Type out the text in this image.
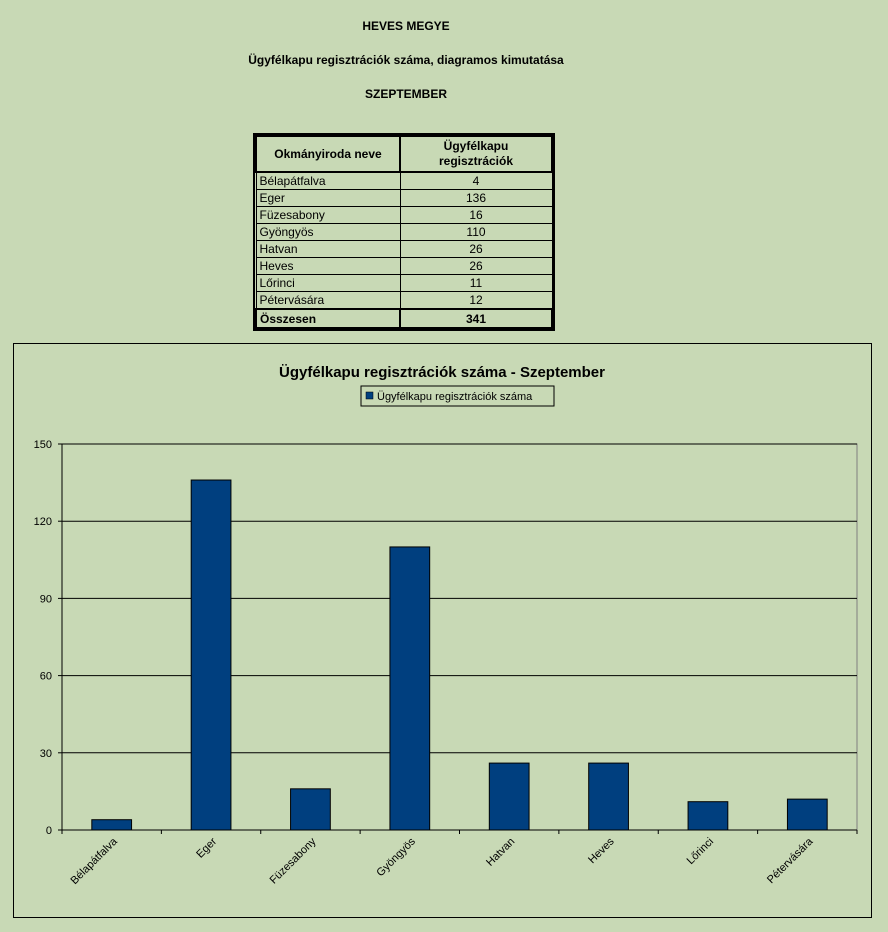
HEVES MEGYE
Ügyfélkapu regisztrációk száma, diagramos kimutatása
SZEPTEMBER
Okmányiroda neve	Ügyfélkapu
regisztrációk
Bélapátfalva	4
Eger	136
Füzesabony	16
Gyöngyös	110
Hatvan	26
Heves	26
Lőrinci	11
Pétervására	12
Összesen	341
Ügyfélkapu regisztrációk száma - Szeptember
Ügyfélkapu regisztrációk száma
0
30
60
90
120
150
Bélapátfalva	Eger	Füzesabony	Gyöngyös	Hatvan	Heves	Lőrinci	Pétervására
